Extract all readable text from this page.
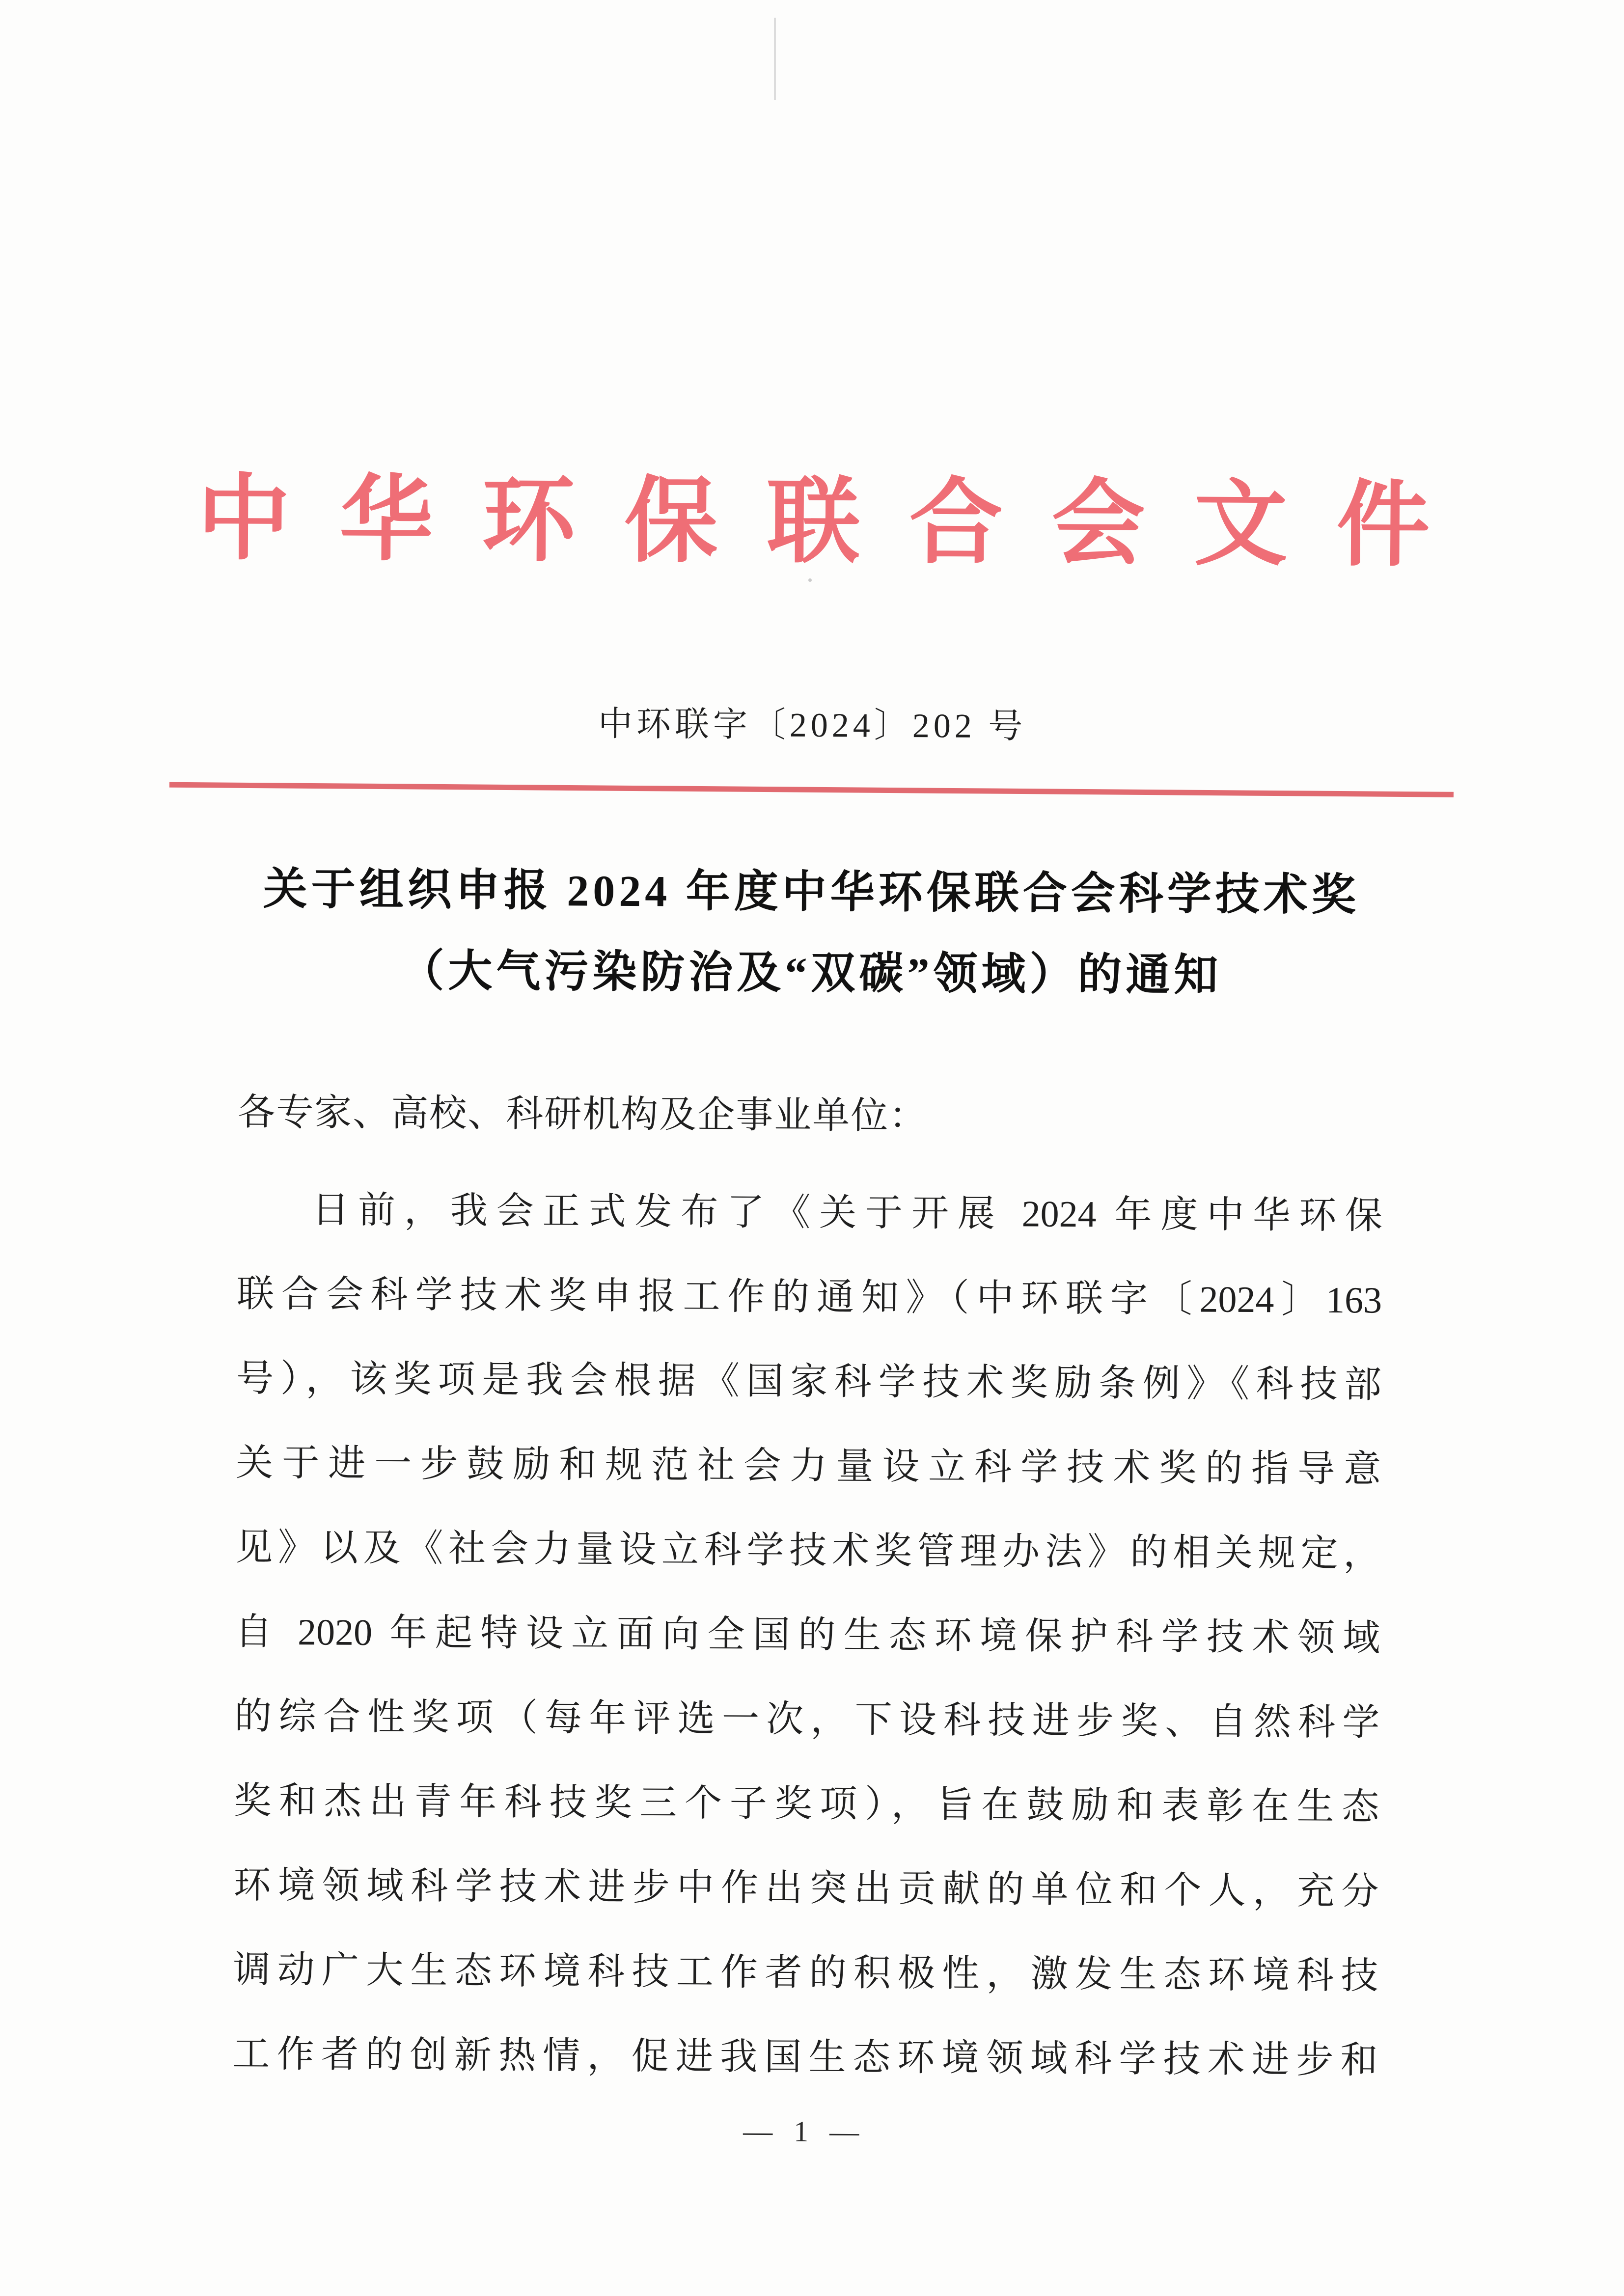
中华环保联合会文件
中环联字〔2024〕202 号
关于组织申报 2024 年度中华环保联合会科学技术奖
（大气污染防治及“双碳”领域）的通知
各专家、高校、科研机构及企事业单位：
日前，我会正式发布了《关于开展 2024 年度中华环保
联合会科学技术奖申报工作的通知》（中环联字〔2024〕163
号），该奖项是我会根据《国家科学技术奖励条例》《科技部
关于进一步鼓励和规范社会力量设立科学技术奖的指导意
见》以及《社会力量设立科学技术奖管理办法》的相关规定，
自 2020 年起特设立面向全国的生态环境保护科学技术领域
的综合性奖项（每年评选一次，下设科技进步奖、自然科学
奖和杰出青年科技奖三个子奖项），旨在鼓励和表彰在生态
环境领域科学技术进步中作出突出贡献的单位和个人，充分
调动广大生态环境科技工作者的积极性，激发生态环境科技
工作者的创新热情，促进我国生态环境领域科学技术进步和
— 1 —
